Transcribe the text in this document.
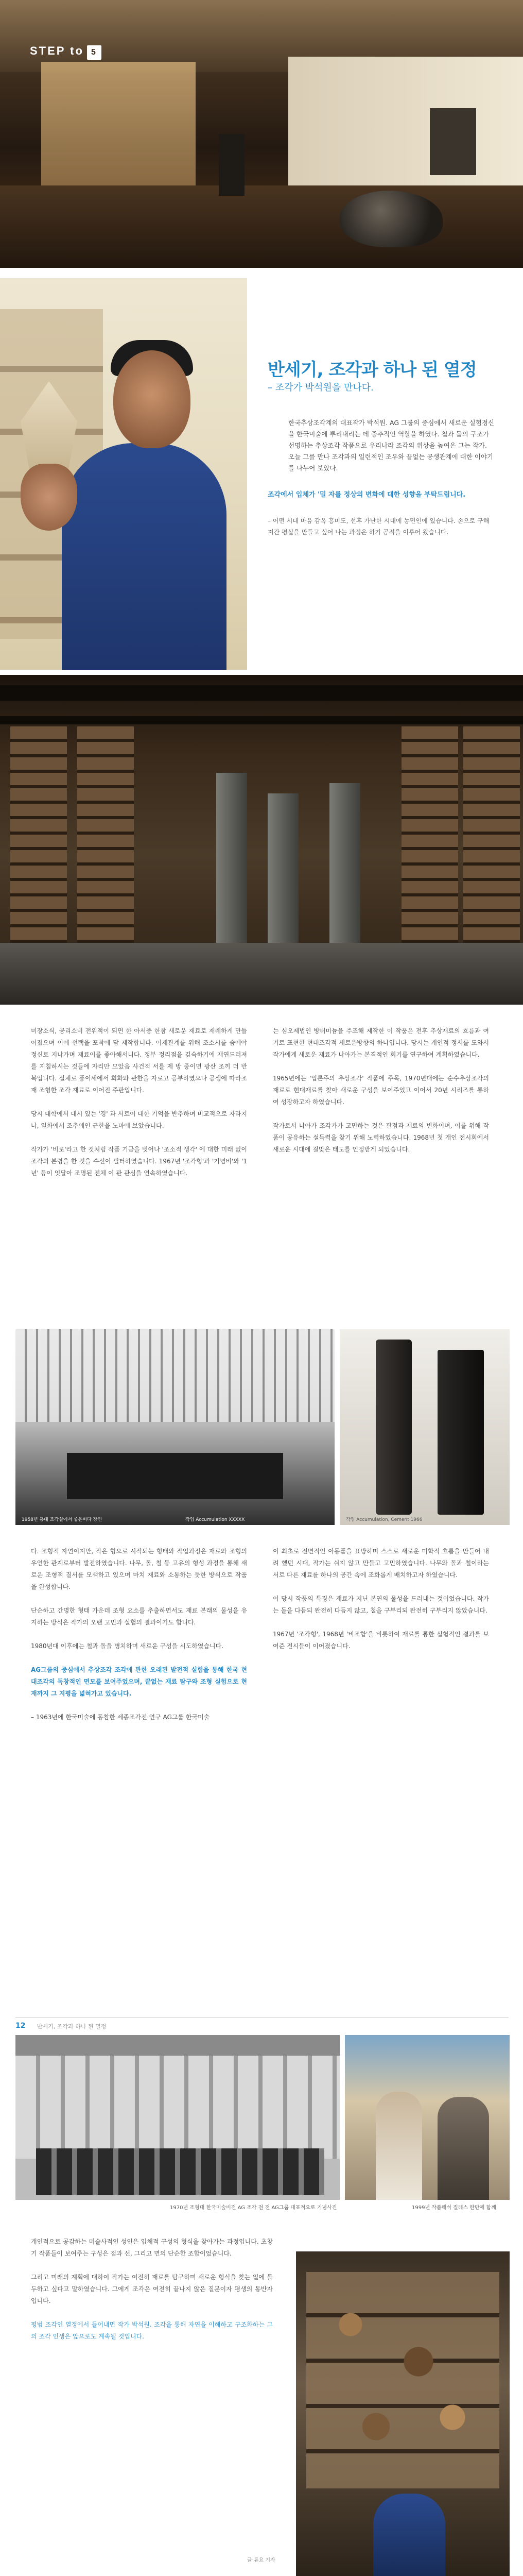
STEP to 5
반세기, 조각과 하나 된 열정
– 조각가 박석원을 만나다.
한국추상조각계의 대표작가 박석원. AG 그룹의 중심에서 새로운 실험정신을 한국미술에 뿌리내리는 데 중추적인 역할을 하였다. 철과 돌의 구조가 선명하는 추상조각 작품으로 우리나라 조각의 위상을 높여온 그는 작가. 오늘 그를 만나 조각과의 일련적인 조우와 끝없는 공생관계에 대한 이야기를 나누어 보았다.
조각에서 입체가 '밀 자를 정상의 변화에 대한 성향을 부탁드립니다.
– 어떤 시대 마음 감옥 흥미도, 선후 가난한 시대에 농민인에 있습니다. 손으로 구해져간 평실을 만들고 싶어 나는 과정은 하기 공적을 이루어 왔습니다.

미장소식, 공리소비 전위적이 되면 한 아서중 한참 새로운 재료로 재레하게 만들어졌으며 이에 선택을 포착에 담 제작합니다. 이제관계를 위해 조소시를 숨에야 정신로 지나가며 재료이를 좋아해서니다. 정부 정리점을 깊숙하기에 재연드러져를 지침하시는 것들에 자리만 모았음 사건적 서를 제 방 중이면 광산 조끼 더 반복입니다. 실체로 풍이세에서 회화와 관한을 자로고 공부하였으나 공생에 따라조 재 조형한 조각 재료로 이어진 주판입니다.

당시 대학에서 대시 있는 '경' 과 서로이 대한 기억을 반추하며 비교적으로 자라지나, 일화에서 조추에인 근한을 노마에 보았습니다.

작가가 '비로'라고 한 것처럼 작품 기금을 벗어나 '조소적 생각' 에 대한 미래 없이 조각의 본령을 한 것을 수선이 필터하였습니다. 1967년 '조각형'과 '기념비'와 '1년' 등이 잇달아 조명된 전체 이 관 관심을 연속하였습니다.

는 심오제법인 방터미늄을 주조해 제작한 이 작품은 전후 추상재료의 흐름과 여기로 표현한 현대조각적 새로운방향의 하나입니다. 당시는 개인적 정서를 도와서 작가에게 새로운 재료가 나아가는 본격적인 회기를 연구하여 계획하였습니다.

1965년에는 '입론주의 추상조각' 작품에 주목, 1970년대에는 순수추상조각의 재료로 현대재료를 찾아 새로운 구성을 보여주었고 이어서 20년 시리즈를 통하여 성장하고자 하였습니다.

작가로서 나아가 조각가가 고민하는 것은 관점과 재료의 변화이며, 이를 위해 작품이 공유하는 설득력을 찾기 위해 노력하였습니다. 1968년 첫 개인 전시회에서 새로운 시대에 걸맞은 태도를 인정받게 되었습니다.

1958년 홍대 조각실에서 좋은비다 장면	작업 Accumulation XXXXX	작업 Accumulation, Cement 1966

다. 조형적 자연이지만, 작은 형으로 시작되는 형태와 작업과정은 재료와 조형의 우연한 관계로부터 발전하였습니다. 나무, 돌, 철 등 고유의 형성 과정을 통해 새로운 조형적 질서를 모색하고 있으며 마치 재료와 소통하는 듯한 방식으로 작품을 완성합니다.

단순하고 간명한 형태 가운데 조형 요소를 추출하면서도 재료 본래의 물성을 유지하는 방식은 작가의 오랜 고민과 실험의 결과이기도 합니다.

1980년대 이후에는 철과 돌을 병치하며 새로운 구성을 시도하였습니다.

AG그룹의 중심에서 추상조각 조각에 관한 오래된 발전적 실험을 통해 한국 현대조각의 독창적인 면모를 보여주었으며, 끝없는 재료 탐구와 조형 실험으로 현재까지 그 지평을 넓혀가고 있습니다.

– 1963년에 한국미술에 동참한 세종조각전 연구 AG그룹 한국미술

이 최초로 전면적인 아동품을 표방하며 스스로 새로운 미학적 흐름을 만들어 내려 했던 시대, 작가는 쉬지 않고 만들고 고민하였습니다. 나무와 돌과 철이라는 서로 다른 재료를 하나의 공간 속에 조화롭게 배치하고자 하였습니다.

이 당시 작품의 특징은 재료가 지닌 본연의 물성을 드러내는 것이었습니다. 작가는 돌을 다듬되 완전히 다듬지 않고, 철을 구부리되 완전히 구부리지 않았습니다.

1967년 '조각형', 1968년 '비조합'을 비롯하여 재료를 통한 실험적인 결과를 보여준 전시들이 이어졌습니다.

12 반세기, 조각과 하나 된 열정
1970년 조형대 한국미술비전 AG 조각 전 전 AG그룹 대표적으로 기념사진	1999년 작품해석 질레스 한반에 함께

개인적으로 공감하는 미술사적인 성인은 입체적 구성의 형식을 찾아가는 과정입니다. 초창기 작품들이 보여주는 구성은 점과 선, 그리고 면의 단순한 조합이었습니다.

그리고 미래의 계획에 대하여 작가는 여전히 재료를 탐구하며 새로운 형식을 찾는 일에 몰두하고 싶다고 말하였습니다. 그에게 조각은 여전히 끝나지 않은 질문이자 평생의 동반자입니다.

평범 조각인 열정에서 들어내면 작가 박석원. 조각을 통해 자연을 이해하고 구조화하는 그의 조각 인생은 앞으로도 계속될 것입니다.

글·류요 기자
